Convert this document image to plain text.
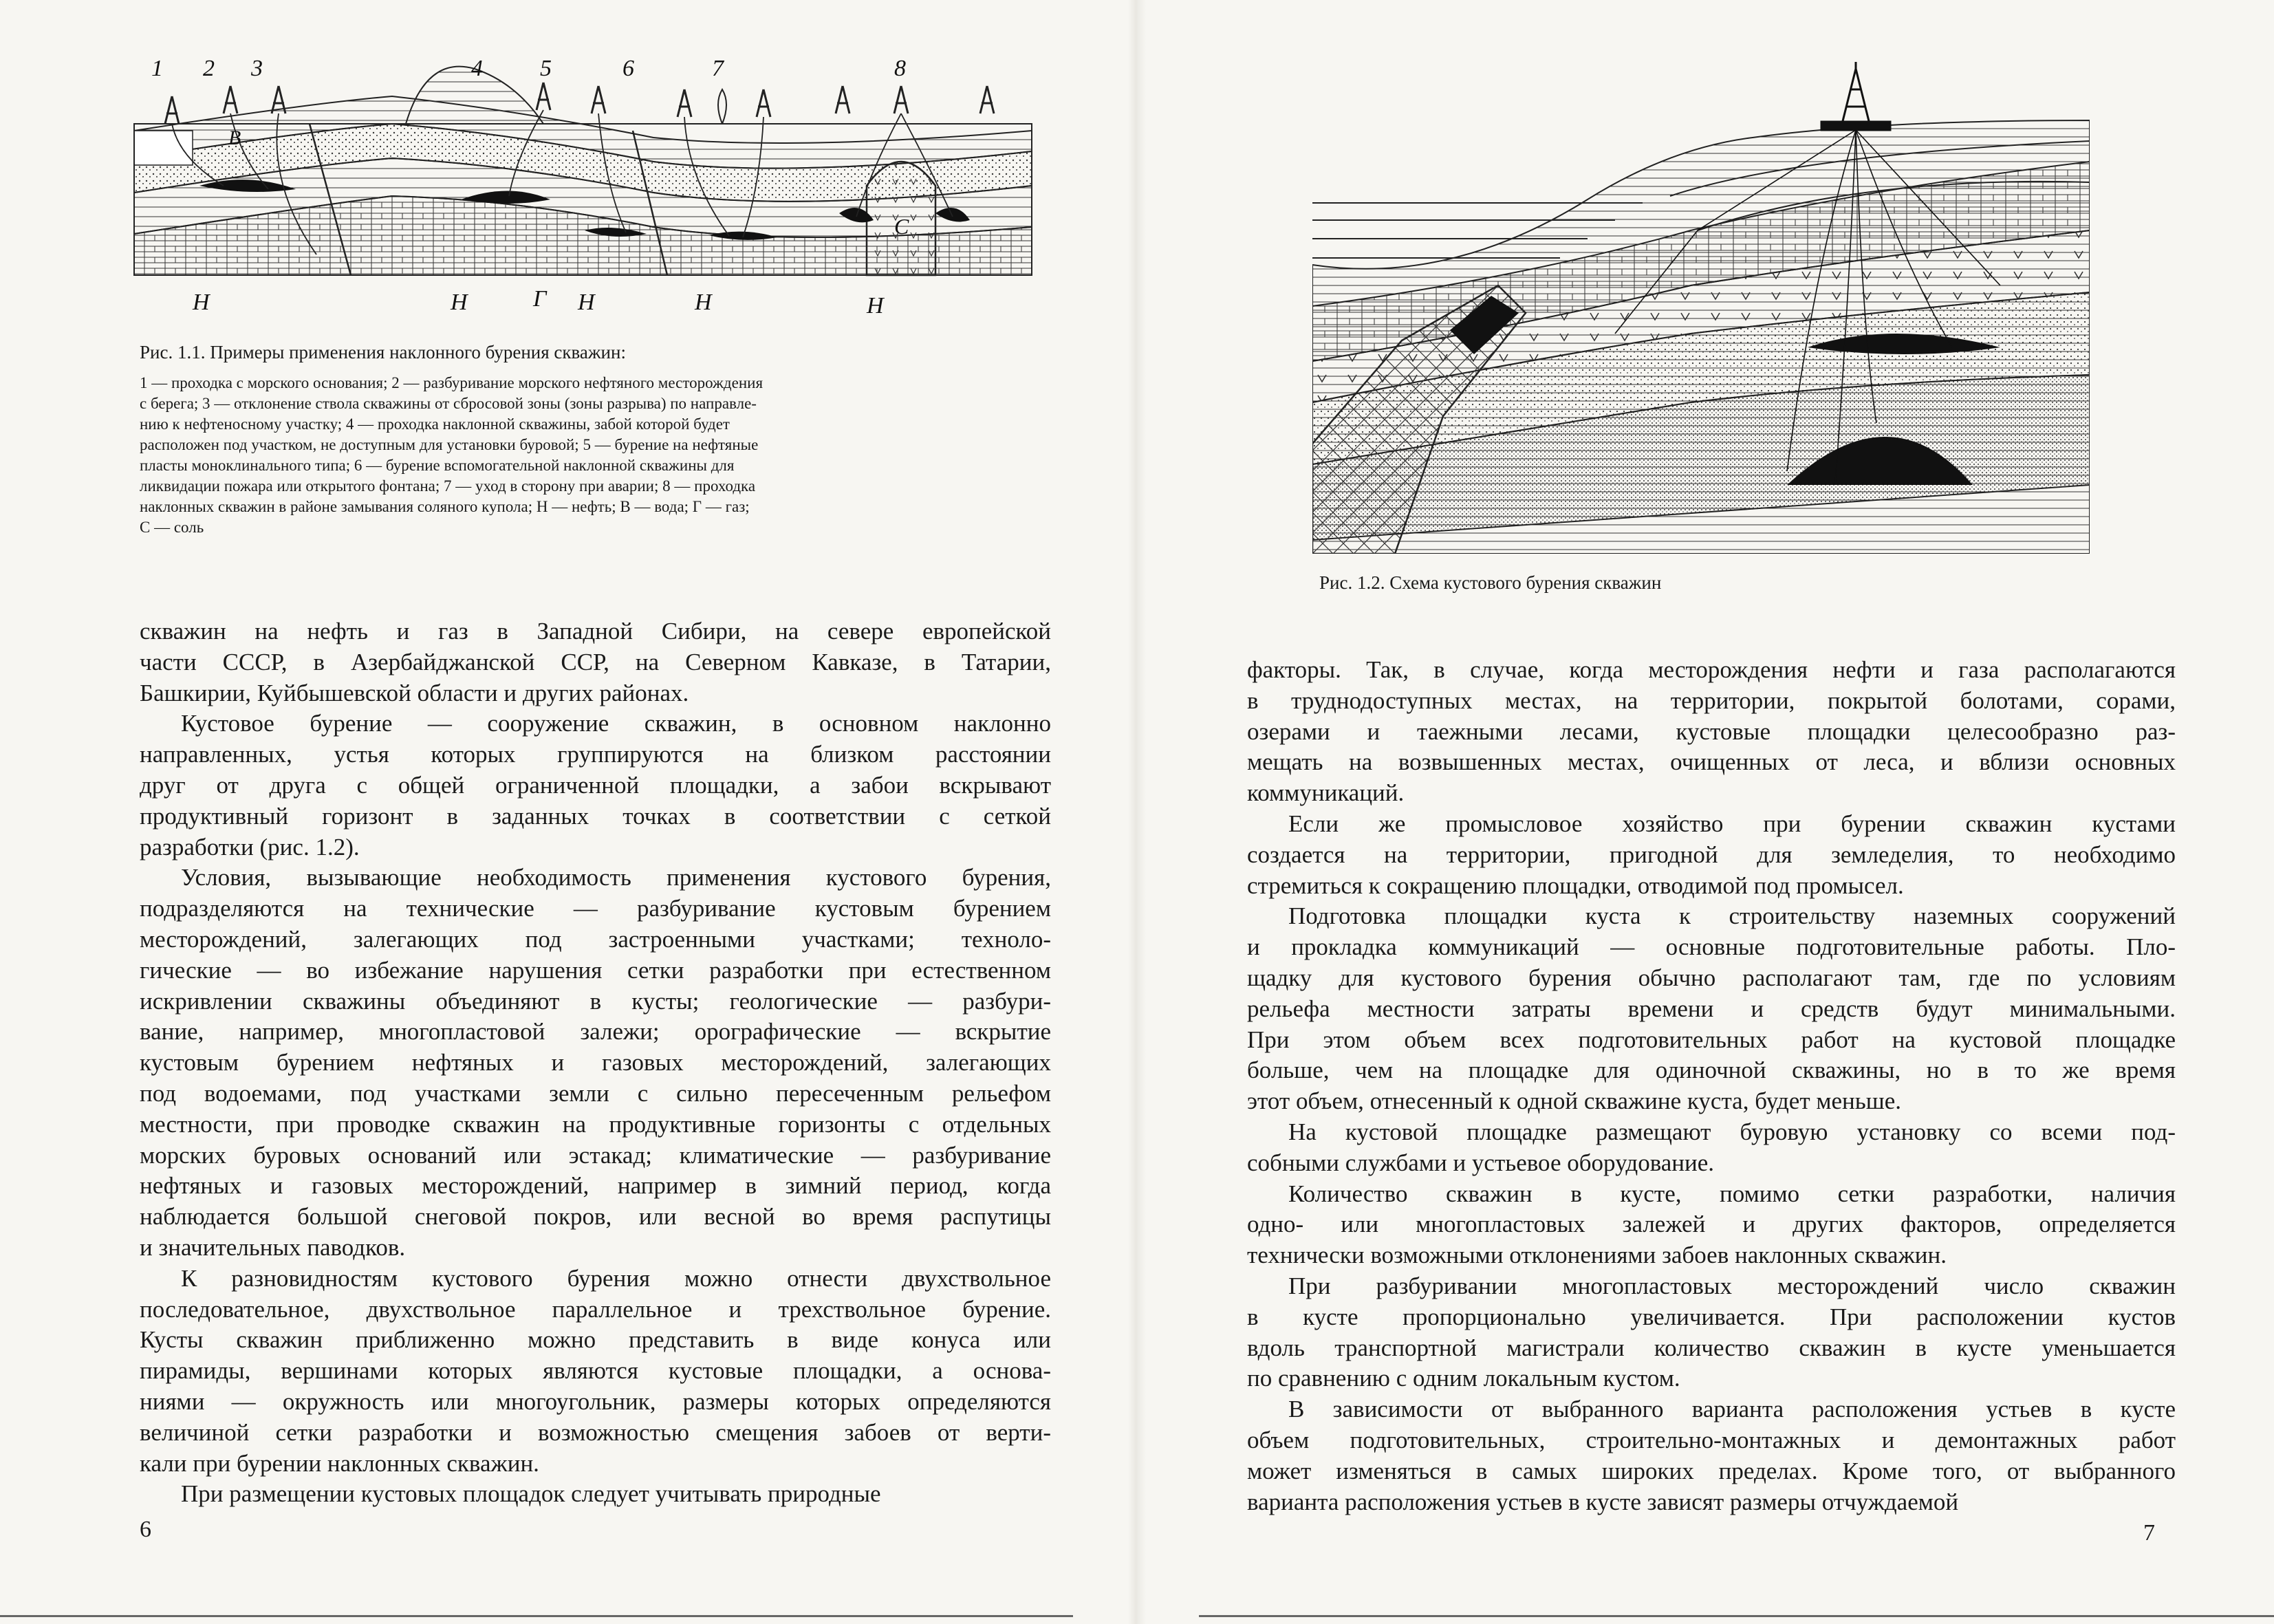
1 2 3	4 5	6	7	8
В
С
Н	Н	Г Н	Н	Н
Рис. 1.1. Примеры применения наклонного бурения скважин:

1 — проходка с морского основания; 2 — разбуривание морского нефтяного месторождения

с берега; 3 — отклонение ствола скважины от сбросовой зоны (зоны разрыва) по направле-

нию к нефтеносному участку; 4 — проходка наклонной скважины, забой которой будет

расположен под участком, не доступным для установки буровой; 5 — бурение на нефтяные

пласты моноклинального типа; 6 — бурение вспомогательной наклонной скважины для

ликвидации пожара или открытого фонтана; 7 — уход в сторону при аварии; 8 — проходка

наклонных скважин в районе замывания соляного купола; Н — нефть; В — вода; Г — газ;

С — соль

скважин на нефть и газ в Западной Сибири, на севере европейской

части СССР, в Азербайджанской ССР, на Северном Кавказе, в Татарии,

Башкирии, Куйбышевской области и других районах.

Кустовое бурение — сооружение скважин, в основном наклонно

направленных, устья которых группируются на близком расстоянии

друг от друга с общей ограниченной площадки, а забои вскрывают

продуктивный горизонт в заданных точках в соответствии с сеткой

разработки (рис. 1.2).

Условия, вызывающие необходимость применения кустового бурения,

подразделяются на технические — разбуривание кустовым бурением

месторождений, залегающих под застроенными участками; техноло-

гические — во избежание нарушения сетки разработки при естественном

искривлении скважины объединяют в кусты; геологические — разбури-

вание, например, многопластовой залежи; орографические — вскрытие

кустовым бурением нефтяных и газовых месторождений, залегающих

под водоемами, под участками земли с сильно пересеченным рельефом

местности, при проводке скважин на продуктивные горизонты с отдельных

морских буровых оснований или эстакад; климатические — разбуривание

нефтяных и газовых месторождений, например в зимний период, когда

наблюдается большой снеговой покров, или весной во время распутицы

и значительных паводков.

К разновидностям кустового бурения можно отнести двухствольное

последовательное, двухствольное параллельное и трехствольное бурение.

Кусты скважин приближенно можно представить в виде конуса или

пирамиды, вершинами которых являются кустовые площадки, а основа-

ниями — окружность или многоугольник, размеры которых определяются

величиной сетки разработки и возможностью смещения забоев от верти-

кали при бурении наклонных скважин.

При размещении кустовых площадок следует учитывать природные

6
Рис. 1.2. Схема кустового бурения скважин

факторы. Так, в случае, когда месторождения нефти и газа располагаются

в труднодоступных местах, на территории, покрытой болотами, сорами,

озерами и таежными лесами, кустовые площадки целесообразно раз-

мещать на возвышенных местах, очищенных от леса, и вблизи основных

коммуникаций.

Если же промысловое хозяйство при бурении скважин кустами

создается на территории, пригодной для земледелия, то необходимо

стремиться к сокращению площадки, отводимой под промысел.

Подготовка площадки куста к строительству наземных сооружений

и прокладка коммуникаций — основные подготовительные работы. Пло-

щадку для кустового бурения обычно располагают там, где по условиям

рельефа местности затраты времени и средств будут минимальными.

При этом объем всех подготовительных работ на кустовой площадке

больше, чем на площадке для одиночной скважины, но в то же время

этот объем, отнесенный к одной скважине куста, будет меньше.

На кустовой площадке размещают буровую установку со всеми под-

собными службами и устьевое оборудование.

Количество скважин в кусте, помимо сетки разработки, наличия

одно- или многопластовых залежей и других факторов, определяется

технически возможными отклонениями забоев наклонных скважин.

При разбуривании многопластовых месторождений число скважин

в кусте пропорционально увеличивается. При расположении кустов

вдоль транспортной магистрали количество скважин в кусте уменьшается

по сравнению с одним локальным кустом.

В зависимости от выбранного варианта расположения устьев в кусте

объем подготовительных, строительно-монтажных и демонтажных работ

может изменяться в самых широких пределах. Кроме того, от выбранного

варианта расположения устьев в кусте зависят размеры отчуждаемой

7
